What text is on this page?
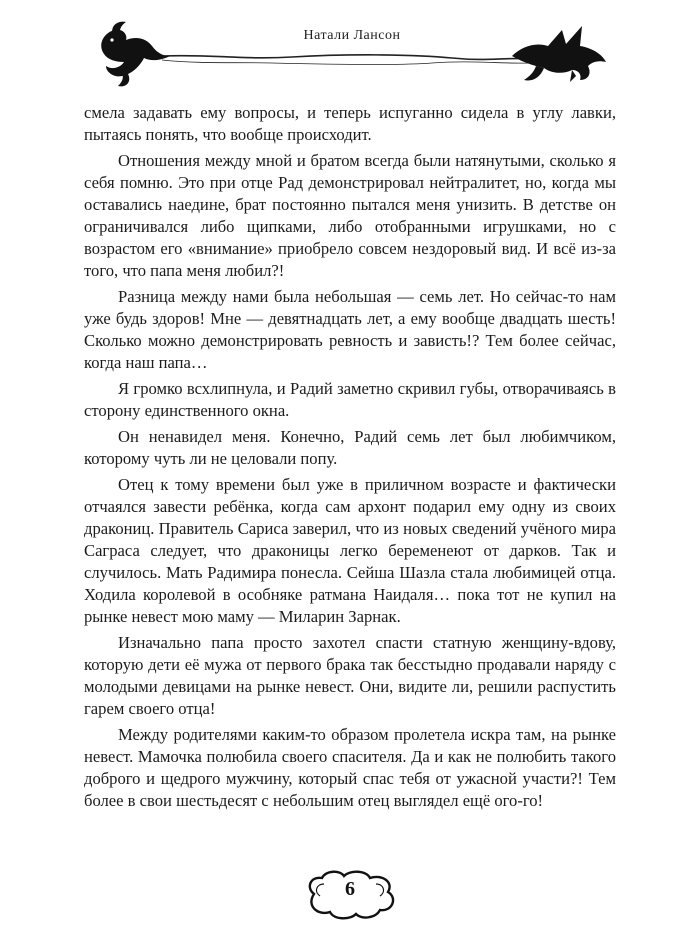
Натали Лансон

смела задавать ему вопросы, и теперь испуганно сидела в углу лавки, пытаясь понять, что вообще происходит.

Отношения между мной и братом всегда были натянутыми, сколько я себя помню. Это при отце Рад демонстрировал нейтралитет, но, когда мы оставались наедине, брат постоянно пытался меня унизить. В детстве он ограничивался либо щипками, либо отобранными игрушками, но с возрастом его «внимание» приобрело совсем нездоровый вид. И всё из-за того, что папа меня любил?!

Разница между нами была небольшая — семь лет. Но сейчас-то нам уже будь здоров! Мне — девятнадцать лет, а ему вообще двадцать шесть! Сколько можно демонстрировать ревность и зависть!? Тем более сейчас, когда наш папа…

Я громко всхлипнула, и Радий заметно скривил губы, отворачиваясь в сторону единственного окна.

Он ненавидел меня. Конечно, Радий семь лет был любимчиком, которому чуть ли не целовали попу.

Отец к тому времени был уже в приличном возрасте и фактически отчаялся завести ребёнка, когда сам архонт подарил ему одну из своих дракониц. Правитель Сариса заверил, что из новых сведений учёного мира Саграса следует, что драконицы легко беременеют от дарков. Так и случилось. Мать Радимира понесла. Сейша Шазла стала любимицей отца. Ходила королевой в особняке ратмана Наидаля… пока тот не купил на рынке невест мою маму — Миларин Зарнак.

Изначально папа просто захотел спасти статную женщину-вдову, которую дети её мужа от первого брака так бесстыдно продавали наряду с молодыми девицами на рынке невест. Они, видите ли, решили распустить гарем своего отца!

Между родителями каким-то образом пролетела искра там, на рынке невест. Мамочка полюбила своего спасителя. Да и как не полюбить такого доброго и щедрого мужчину, который спас тебя от ужасной участи?! Тем более в свои шестьдесят с небольшим отец выглядел ещё ого-го!

6
